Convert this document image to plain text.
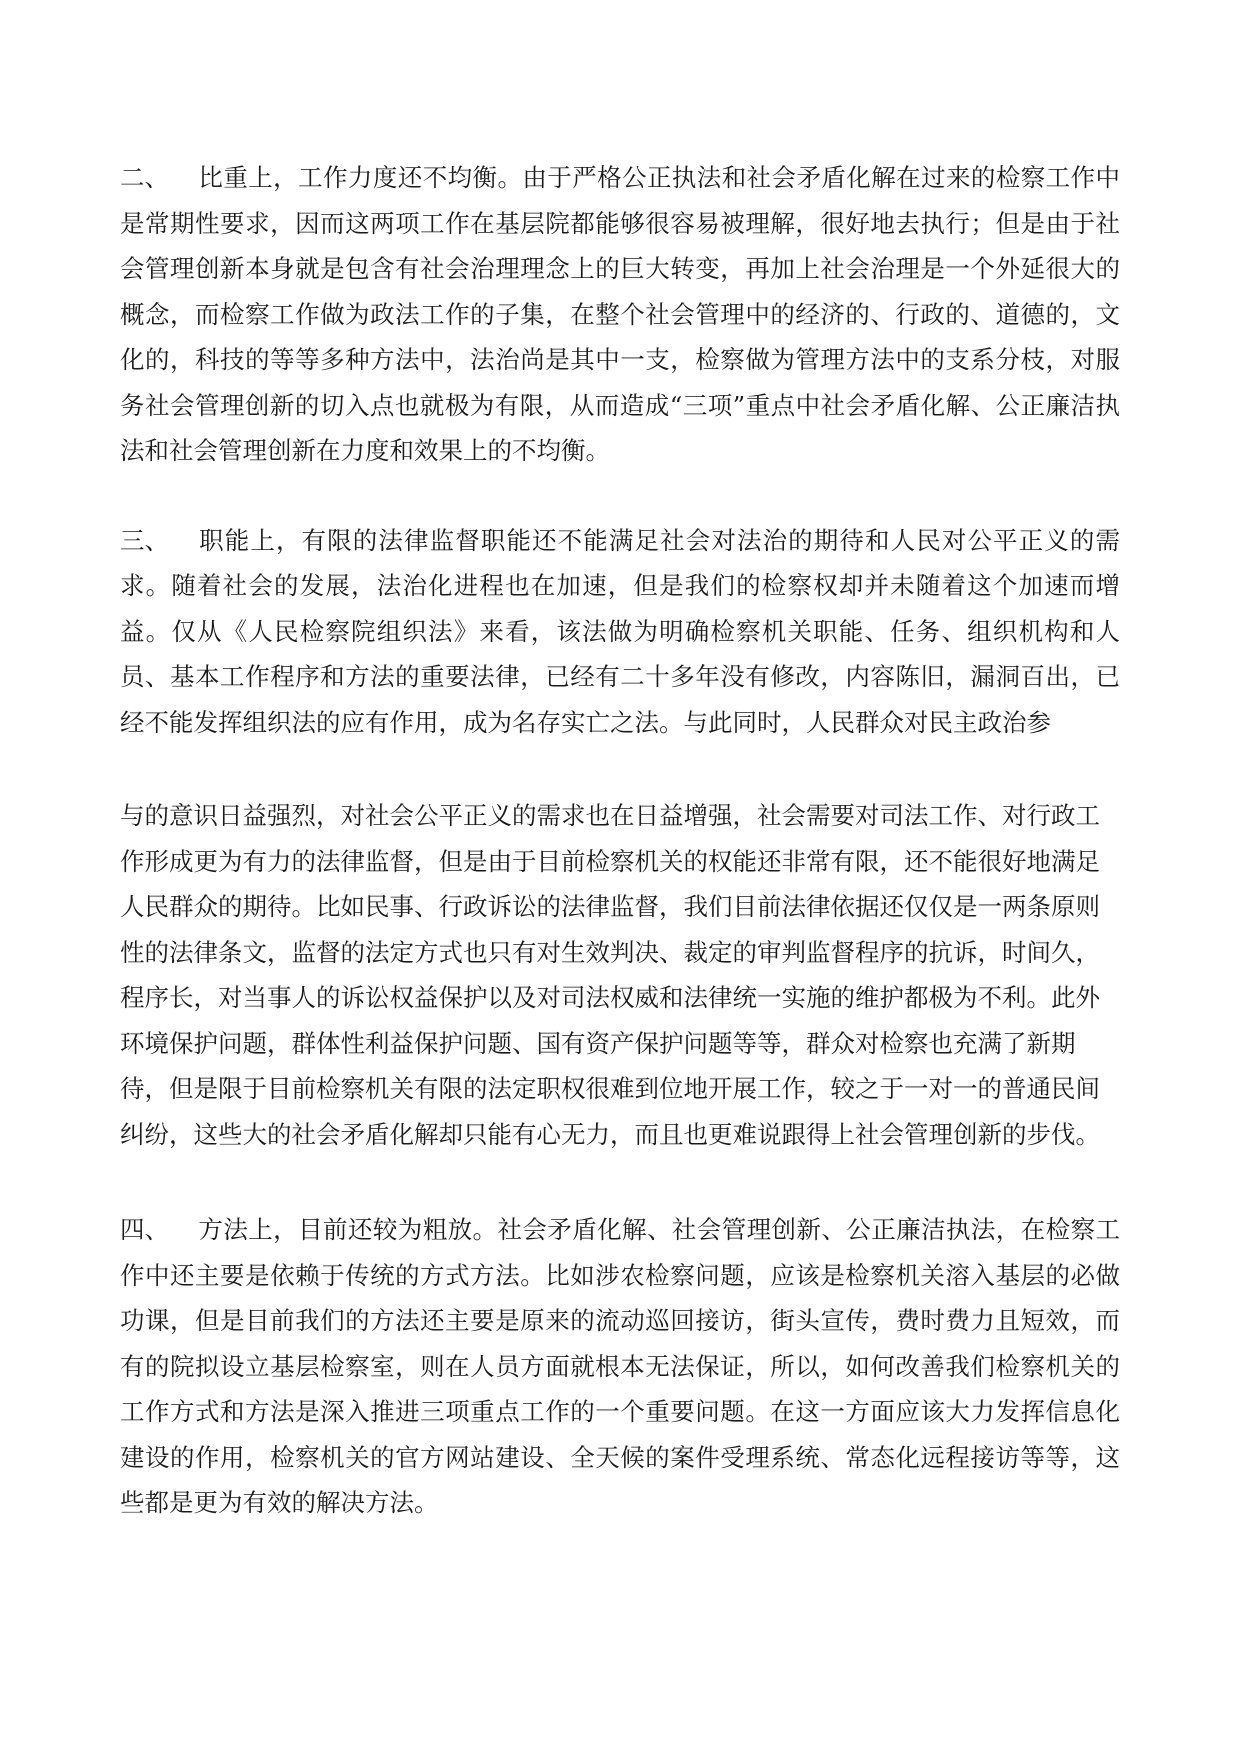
二、 比重上，工作力度还不均衡。由于严格公正执法和社会矛盾化解在过来的检察工作中是常期性要求，因而这两项工作在基层院都能够很容易被理解，很好地去执行；但是由于社会管理创新本身就是包含有社会治理理念上的巨大转变，再加上社会治理是一个外延很大的概念，而检察工作做为政法工作的子集，在整个社会管理中的经济的、行政的、道德的，文化的，科技的等等多种方法中，法治尚是其中一支，检察做为管理方法中的支系分枝，对服务社会管理创新的切入点也就极为有限，从而造成“三项”重点中社会矛盾化解、公正廉洁执法和社会管理创新在力度和效果上的不均衡。

三、 职能上，有限的法律监督职能还不能满足社会对法治的期待和人民对公平正义的需求。随着社会的发展，法治化进程也在加速，但是我们的检察权却并未随着这个加速而增益。仅从《人民检察院组织法》来看，该法做为明确检察机关职能、任务、组织机构和人员、基本工作程序和方法的重要法律，已经有二十多年没有修改，内容陈旧，漏洞百出，已经不能发挥组织法的应有作用，成为名存实亡之法。与此同时，人民群众对民主政治参

与的意识日益强烈，对社会公平正义的需求也在日益增强，社会需要对司法工作、对行政工作形成更为有力的法律监督，但是由于目前检察机关的权能还非常有限，还不能很好地满足人民群众的期待。比如民事、行政诉讼的法律监督，我们目前法律依据还仅仅是一两条原则性的法律条文，监督的法定方式也只有对生效判决、裁定的审判监督程序的抗诉，时间久，程序长，对当事人的诉讼权益保护以及对司法权威和法律统一实施的维护都极为不利。此外环境保护问题，群体性利益保护问题、国有资产保护问题等等，群众对检察也充满了新期待，但是限于目前检察机关有限的法定职权很难到位地开展工作，较之于一对一的普通民间纠纷，这些大的社会矛盾化解却只能有心无力，而且也更难说跟得上社会管理创新的步伐。

四、 方法上，目前还较为粗放。社会矛盾化解、社会管理创新、公正廉洁执法，在检察工作中还主要是依赖于传统的方式方法。比如涉农检察问题，应该是检察机关溶入基层的必做功课，但是目前我们的方法还主要是原来的流动巡回接访，街头宣传，费时费力且短效，而有的院拟设立基层检察室，则在人员方面就根本无法保证，所以，如何改善我们检察机关的工作方式和方法是深入推进三项重点工作的一个重要问题。在这一方面应该大力发挥信息化建设的作用，检察机关的官方网站建设、全天候的案件受理系统、常态化远程接访等等，这些都是更为有效的解决方法。
